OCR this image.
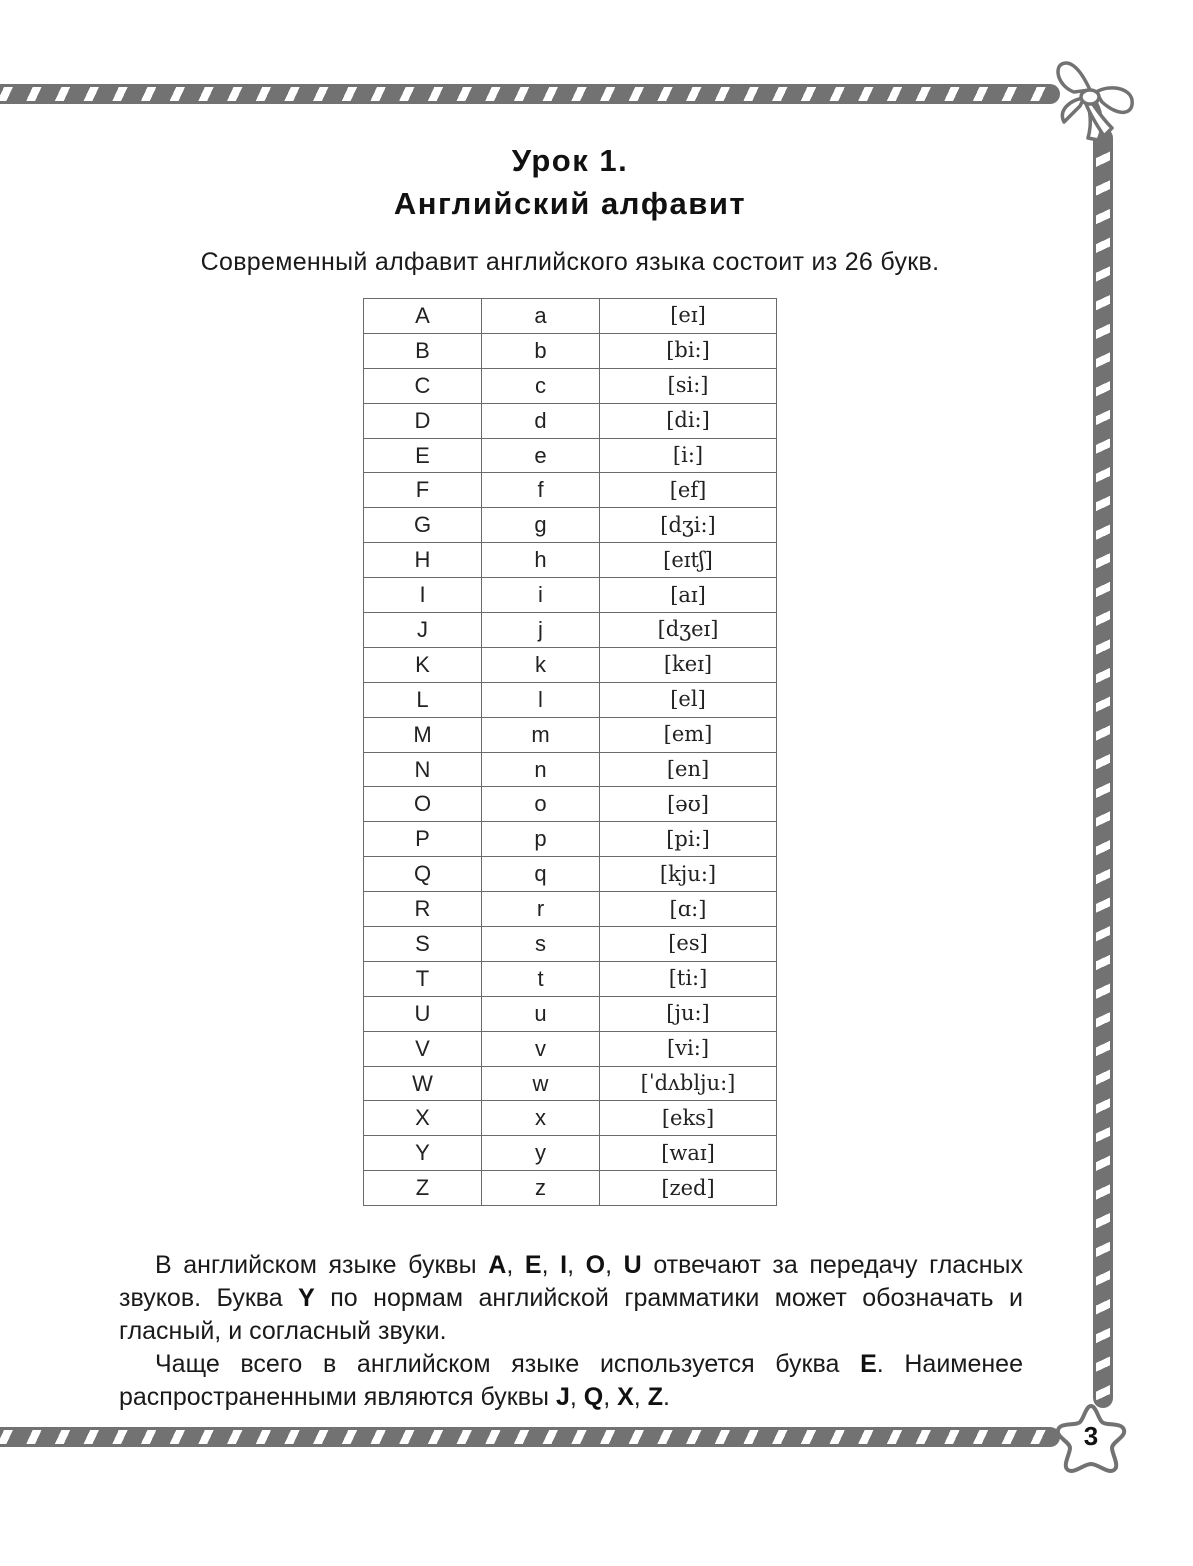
3
Урок 1.
Английский алфавит
Современный алфавит английского языка состоит из 26 букв.
A	a	[eɪ]
B	b	[bi:]
C	c	[si:]
D	d	[di:]
E	e	[i:]
F	f	[ef]
G	g	[dʒi:]
H	h	[eɪtʃ]
I	i	[aɪ]
J	j	[dʒeɪ]
K	k	[keɪ]
L	l	[el]
M	m	[em]
N	n	[en]
O	o	[əʊ]
P	p	[pi:]
Q	q	[kju:]
R	r	[ɑ:]
S	s	[es]
T	t	[ti:]
U	u	[ju:]
V	v	[vi:]
W	w	[ˈdʌblju:]
X	x	[eks]
Y	y	[waɪ]
Z	z	[zed]

В английском языке буквы A, E, I, O, U отвечают за передачу гласных звуков. Буква Y по нормам английской грамматики может обозначать и гласный, и согласный звуки.

Чаще всего в английском языке используется буква E. Наименее распространенными являются буквы J, Q, X, Z.
